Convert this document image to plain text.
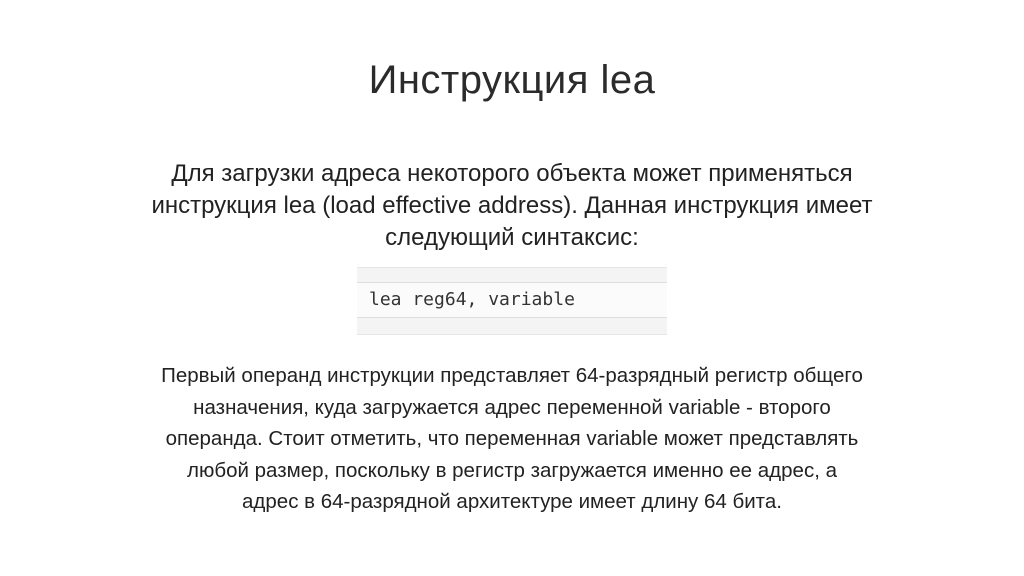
Инструкция lea
Для загрузки адреса некоторого объекта может применяться
инструкция lea (load effective address). Данная инструкция имеет
следующий синтаксис:
lea reg64, variable
Первый операнд инструкции представляет 64-разрядный регистр общего
назначения, куда загружается адрес переменной variable - второго
операнда. Стоит отметить, что переменная variable может представлять
любой размер, поскольку в регистр загружается именно ее адрес, а
адрес в 64-разрядной архитектуре имеет длину 64 бита.
